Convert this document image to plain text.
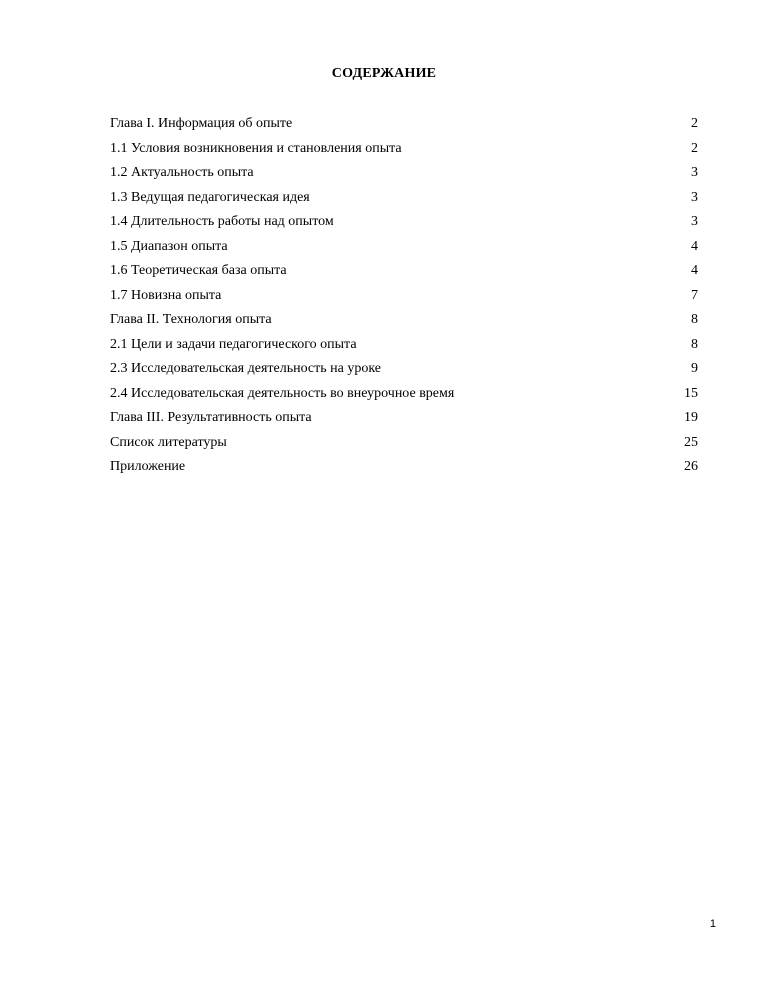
СОДЕРЖАНИЕ
Глава I. Информация об опыте	2
1.1 Условия возникновения и становления опыта	2
1.2 Актуальность опыта	3
1.3 Ведущая педагогическая идея	3
1.4 Длительность работы над опытом	3
1.5 Диапазон опыта	4
1.6 Теоретическая база опыта	4
1.7 Новизна опыта	7
Глава II. Технология опыта	8
2.1 Цели и задачи педагогического опыта	8
2.3 Исследовательская деятельность на уроке	9
2.4 Исследовательская деятельность во внеурочное время	15
Глава III. Результативность опыта	19
Список литературы	25
Приложение	26
1
